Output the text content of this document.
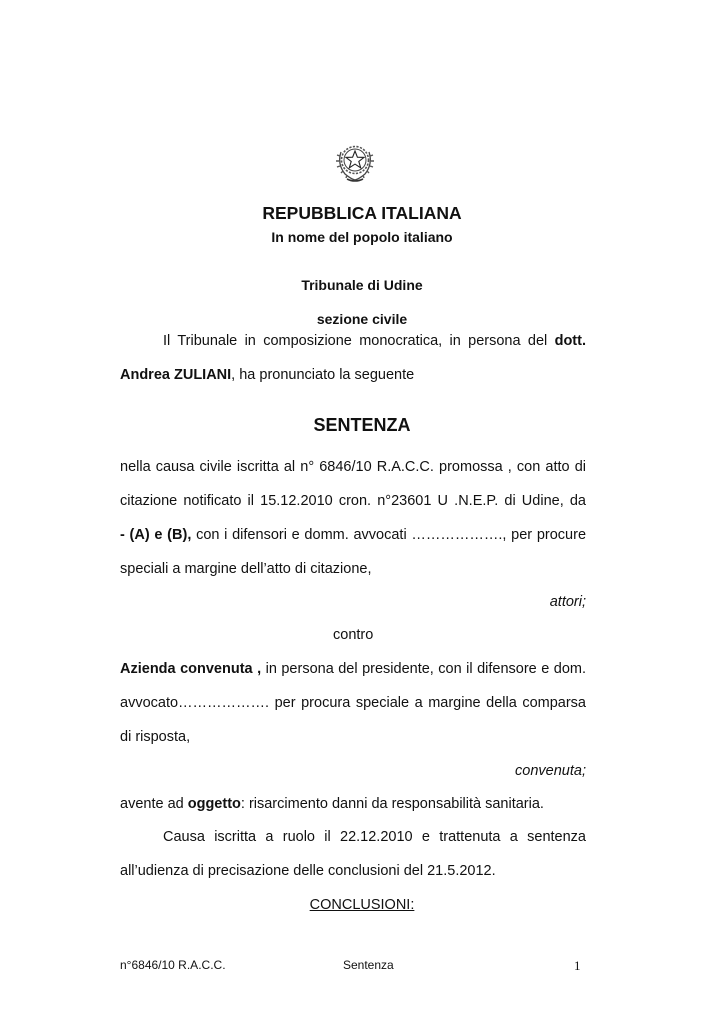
REPUBBLICA ITALIANA
In nome del popolo italiano
Tribunale di Udine
sezione civile
Il Tribunale in composizione monocratica, in persona del dott.
Andrea ZULIANI, ha pronunciato la seguente
SENTENZA
nella causa civile iscritta al n° 6846/10 R.A.C.C. promossa , con atto di
citazione notificato il 15.12.2010 cron. n°23601 U .N.E.P. di Udine, da
- (A) e (B), con i difensori e domm. avvocati ………………., per procure
speciali a margine dell’atto di citazione,
attori;
contro
Azienda convenuta , in persona del presidente, con il difensore e dom.
avvocato………………. per procura speciale a margine della comparsa
di risposta,
convenuta;
avente ad oggetto: risarcimento danni da responsabilità sanitaria.
Causa iscritta a ruolo il 22.12.2010 e trattenuta a sentenza
all’udienza di precisazione delle conclusioni del 21.5.2012.
CONCLUSIONI:
n°6846/10 R.A.C.C.	Sentenza	1
